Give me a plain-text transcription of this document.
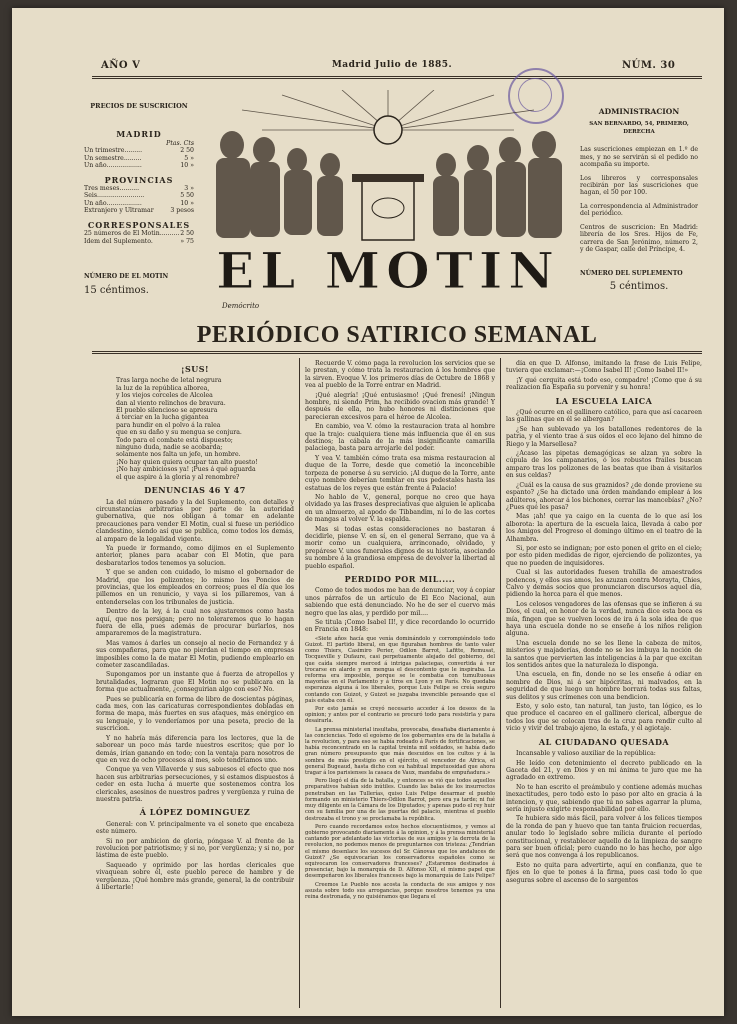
AÑO V	Madrid Julio de 1885.	NÚM. 30
PRECIOS DE SUSCRICION
MADRID
Ptas. Cts
Un trimestre.........	2 50
Un semestre.........	5 »
Un año..................	10 »
PROVINCIAS
Tres meses..........	3 »
Seis........................	5 50
Un año..................	10 »
Extranjero y Ultramar	3 pesos
CORRESPONSALES
25 números de El Motin.......... 2 50
Idem del Suplemento.	» 75
NÚMERO DE EL MOTIN
15 céntimos.
ADMINISTRACION
SAN BERNARDO, 54, PRIMERO, DERECHA

Las suscriciones empiezan en 1.º de mes, y no se servirán si el pedido no acompaña su importe.

Los libreros y corresponsales recibirán por las suscriciones que hagan, el 50 por 100.

La correspondencia al Administrador del periódico.

Centros de suscricion: En Madrid: librería de los Sres. Hijos de Fe, carrera de San Jerónimo, número 2, y de Gaspar, calle del Príncipe, 4.

NÚMERO DEL SUPLEMENTO
5 céntimos.
EL MOTIN
Demócrito
PERIÓDICO SATIRICO SEMANAL
¡SUS!

Tras larga noche de letal negrura

la luz de la república alborea,

y los viejos corceles de Alcolea

dan al viento relinchos de bravura.

El pueblo silencioso se apresura

á terciar en la lucha gigantea

para hundir en el polvo á la ralea

que en su daño y su mengua se conjura.

Todo para el combate está dispuesto;

ninguno duda, nadie se acobarda;

solamente nos falta un jefe, un hombre.

¡No hay quien quiera ocupar tan alto puesto!

¡No hay ambiciosos ya! ¡Pues á qué aguarda

el que aspire á la gloria y al renombre?

DENUNCIAS 46 Y 47

La del número pasado y la del Suplemento, con detalles y circunstancias arbitrarias por parte de la autoridad gubernativa, que nos obligan á tomar en adelante precauciones para vender El Motin, cual si fuese un periódico clandestino, siendo así que se publica, como todos los demás, al amparo de la legalidad vigente.

Ya puede ir formando, como dijimos en el Suplemento anterior, planes para acabar con El Motin, que para desbaratarlos todos tenemos ya solucion.

Y que se anden con cuidado, lo mismo el gobernador de Madrid, que los polizontes; lo mismo los Poncios de provincias, que los empleados en correos; pues el día que los pillemos en un renuncio, y vaya si los pillaremos, van á entenderselas con los tribunales de justicia.

Dentro de la ley, á la cual nos ajustaremos como hasta aquí, que nos persigan; pero no toleraremos que lo hagan fuera de ella, pues además de procurar burlarlos, nos ampararemos de la magistratura.

Mas vamos á darles un consejo al necio de Fernandez y á sus compañeras, para que no pierdan el tiempo en empresas imposibles como la de matar El Motin, pudiendo emplearlo en cometer zascandiladas.

Supongamos por un instante que á fuerza de atropellos y brutalidades, lograran que El Motin no se publicara en la forma que actualmente, ¿conseguirian algo con eso? No.

Pues se publicaría en forma de libro de doscientas páginas, cada mes, con las caricaturas correspondientes dobladas en forma de mapa, más fuertes en sus ataques, más enérgico en su lenguaje, y lo venderíamos por una peseta, precio de la suscricion.

Y no habría más diferencia para los lectores, que la de saborear un poco más tarde nuestros escritos; que por lo demás, irían ganando en todo; con la ventaja para nosotros de que en vez de ocho procesos al mes, solo tendríamos uno.

Conque ya ven Villaverde y sus sabuesos el efecto que nos hacen sus arbitrarias persecuciones, y si estamos dispuestos á ceder en esta lucha á muerte que sostenemos contra los clericales, asesinos de nuestros padres y vergüenza y ruina de nuestra patria.

Á LÓPEZ DOMINGUEZ

General: con V. principalmente va el soneto que encabeza este número.

Si no por ambicion de gloria, póngase V. al frente de la revolucion por patriotismo; y si no, por vergüenza; y si no, por lástima de este pueblo.

Saqueado y oprimido por las hordas clericales que vivaquean sobre él, este pueblo perece de hambre y de vergüenza. ¡Qué hombre más grande, general, la de contribuir á libertarle!

Recuerde V. cómo paga la revolucion los servicios que se le prestan, y cómo trata la restauracion á los hombres que la sirven. Evoque V. los primeros días de Octubre de 1868 y vea al pueblo de la Torre entrar en Madrid.

¡Qué alegría! ¡Qué entusiasmo! ¡Qué frenesí! ¡Ningun hombre, ni siendo Prim, ha recibido ovacion más grande! Y después de ella, no hubo honores ni distinciones que parecieran excesivos para el héroe de Alcolea.

En cambio, vea V. cómo la restauracion trata al hombre que la trajo: cualquiera tiene más influencia que él en sus destinos; la cábala de la más insignificante camarilla palaciega, basta para arrojarle del poder.

Y vea V. también cómo trata esa misma restauracion al duque de la Torre, desde que cometió la inconcebible torpeza de ponerse á su servicio. ¡Al duque de la Torre, ante cuyo nombre deberían temblar en sus pedestales hasta las estatuas de los reyes que están frente á Palacio!

No hablo de V., general, porque no creo que haya olvidado ya las frases despreciativas que alguien le aplicaba en un almuerzo, al apodo de Tibbandim, ni lo de las cortes de mangas al volver V. la espalda.

Mas si todas estas consideraciones no bastaran á decidirle, piense V. en sí, en el general Serrano, que va á morir como un cualquiera, arrinconado, olvidado, y prepárese V. unos funerales dignos de su historia, asociando su nombre á la grandiosa empresa de devolver la libertad al pueblo español.

PERDIDO POR MIL.....

Como de todos modos me han de denunciar, voy á copiar unos párrafos de un artículo de El Eco Nacional, aun sabiendo que está denunciado. No he de ser el cuervo más negro que las alas, y perdido por mil....

Se titula ¡Como Isabel II!, y dice recordando lo ocurrido en Francia en 1848:

«Siete años hacía que venía dominándolo y corrompiéndolo todo Guizot. El partido liberal, en que figuraban hombres de tanto valer como Thiers, Casimiro Perier, Odilon Barrot, Lafitte, Remusat, Tocqueville y Dufaure, casi perpetuamente alejado del gobierno, del que caída siempre merced á intrigas palaciegas, convertida á ver trocarse en alarde y en mengua el descontento que le inspiraba. La reforma era imposible, porque se le combatía con tumultuosas mayorías en el Parlamento y á tiros en Lyon y en París. No quedaba esperanza alguna á los liberales, porque Luis Felipe se creía seguro contando con Guizot, y Guizot se juzgaba invencible pensando que el país estaba con él.

Por esto jamás se creyó necesario acceder á los deseos de la opinion; y antes por el contrario se procuró todo para resistirla y para desairarla.

La prensa ministerial insultaba, provocaba, desafiaba diariamente á las conciencias. Todo el egoísmo de los gobernantes era de la batalla á la revolucion, y para eso se había rodeado á París de fortificaciones, se había reconcentrado en la capital treinta mil soldados, se había dado gran número presupuesto que más descuidos en los cultos y á la sombra de más prestigio en el ejército, el vencedor de Africa, el general Bugeaud, hasta dicho con su habitual impetuosidad que ahora tragar á los parisienses la casaca de Vaux, mandaba de empuñadura.»

Pero llegó el día de la batalla, y entonces se vió que todos aquellos preparativos habían sido inútiles. Cuando las balas de los insurrectos penetraban en las Tullerías, quiso Luis Felipe desarmar el pueblo formando un ministerio Thiers-Odilon Barrot, pero era ya tarde; ni fué muy diligente en la Cámara de los Diputados; y apenas pudo el rey huir con su familia por una de las puertas del palacio, mientras el pueblo destrozaba el trono y se proclamaba la república.

Pero cuando recordamos estos hechos elocuentísimos, y vemos al gobierno provocando diariamente á la opinion, y á la prensa ministerial cantando por adelantado las victorias de sus amigos y la derrota de la revolucion, no podemos menos de preguntarnos con tristeza: ¿Tendrían el mismo desenlace los sucesos del Sr. Cánovas que los andaluces de Guizot? ¿Se equivocarían los conservadores españoles como se equivocaron los conservadores franceses? ¿Estaremos destinados á presenciar, bajo la monarquía de D. Alfonso XII, el mismo papel que desempeñaron los liberales franceses bajo la monarquía de Luis Felipe?

Creemos Le Pueblo nos acosta la conducta de sus amigos y nos asusta sobre todo sus arrogancias, porque nosotros tenemos ya una reina destronada, y no quisiéramos que llegara el

día en que D. Alfonso, imitando la frase de Luis Felipe, tuviera que exclamar:—¡Como Isabel II! ¡Como Isabel II!»

¡Y qué cerquita está todo eso, compadre! ¡Como que á su realizacion fía España su porvenir y su honra!

LA ESCUELA LAICA

¿Qué ocurre en el gallinero católico, para que así cacareen las gallinas que en él se albergan?

¿Se han sublevado ya los batallones redentores de la patria, y el viento trae á sus oídos el eco lejano del himno de Riego y la Marsellesa?

¿Acaso las pipetas demagógicas se alzan ya sobre la cúpula de los campanarios, ó los robustos frailes buscan amparo tras los polizones de las beatas que iban á visitarlos en sus celdas?

¿Cuál es la causa de sus graznidos? ¿de donde proviene su espanto? ¿Se ha dictado una órden mandando emplear á los adúlteros, ahorcar á los bichones, cerrar las mancebías? ¿No? ¿Pues qué les pasa?

Mas ¡ah! que ya caigo en la cuenta de lo que así los alborota: la apertura de la escuela laica, llevada á cabo por los Amigos del Progreso el domingo último en el teatro de la Alhambra.

Si, por esto se indignan; por esto ponen el grito en el cielo; por esto piden medidas de rigor, ejerciendo de polizontes, ya que no pueden de inquisidores.

Cual si las autoridades fuesen trahilla de amaestrados podencos, y ellos sus amos, les azuzan contra Morayta, Chies, Calvo y demás socios que pronunciaron discursos aquel día, pidiendo la horca para el que menos.

Los celosos vengadores de las ofensas que se infieren á su Dios, el cual, en honor de la verdad, nunca dice esta boca es mía, fingen que se vuelven locos de ira á la sola idea de que haya una escuela donde no se enseñe á los niños religion alguna.

Una escuela donde no se les llene la cabeza de mitos, misterios y majaderías, donde no se les imbuya la noción de la santos que pervierten las inteligencias á la par que excitan los sentidos antes que la naturaleza lo disponga.

Una escuela, en fin, donde no se les enseñe á odiar en nombre de Dios, ni á ser hipócritas, ni malvados, en la seguridad de que luego un hombre borrará todas sus faltas, sus delitos y sus crímenes con una bendicion.

Esto, y solo esto, tan natural, tan justo, tan lógico, es lo que produce el cacareo en el gallinero clerical, albergue de todos los que se colocan tras de la cruz para rendir culto al vicio y vivir del trabajo ajeno, la estafa, y el agiotaje.

AL CIUDADANO QUESADA

Incansable y valioso auxiliar de la república:

He leído con detenimiento el decreto publicado en la Gaceta del 21, y en Dios y en mi ánima te juro que me ha agradado en extremo.

No te han escrito el preámbulo y contiene además muchas inexactitudes, pero todo esto lo paso por alto en gracia á la intencion, y que, sabiendo que tú no sabes agarrar la pluma, sería injusto exigirte responsabilidad por ello.

Te hubiera sido más fácil, para volver á los felices tiempos de la ronda de pan y huevo que tan tanta fruicion recuerdas, anular todo lo legislado sobre milicia durante el período constitucional, y restablecer aquello de la limpieza de sangre para ser buen oficial; pero cuando no lo has hecho, por algo será que nos convenga á los republicanos.

Esto no quita para advertirte, aquí en confianza, que te fijes en lo que te pones á la firma, pues casi todo lo que aseguras sobre el ascenso de lo sargentos
